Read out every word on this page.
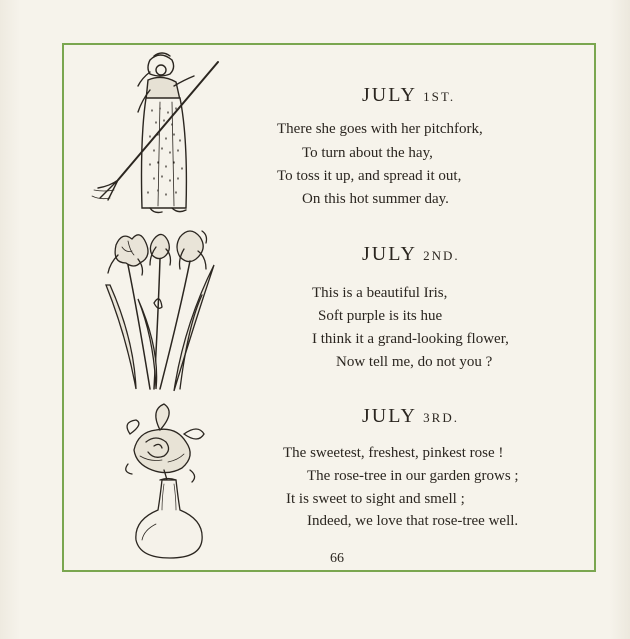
JULY 1ST.
There she goes with her pitchfork,
To turn about the hay,
To toss it up, and spread it out,
On this hot summer day.
JULY 2ND.
This is a beautiful Iris,
Soft purple is its hue
I think it a grand-looking flower,
Now tell me, do not you ?
JULY 3RD.
The sweetest, freshest, pinkest rose !
The rose-tree in our garden grows ;
It is sweet to sight and smell ;
Indeed, we love that rose-tree well.
66
